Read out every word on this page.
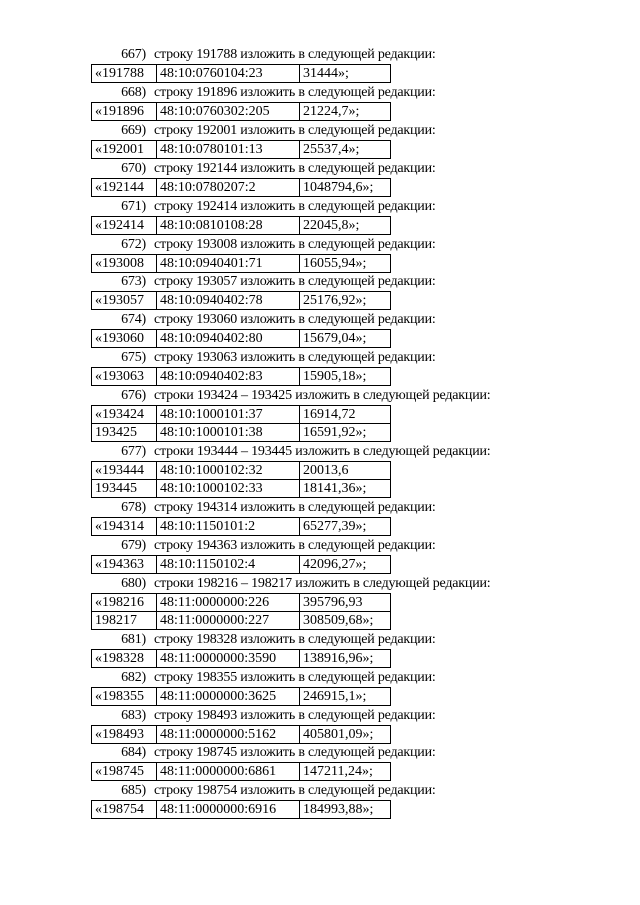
667) строку 191788 изложить в следующей редакции:
«191788	48:10:0760104:23	31444»;
668) строку 191896 изложить в следующей редакции:
«191896	48:10:0760302:205	21224,7»;
669) строку 192001 изложить в следующей редакции:
«192001	48:10:0780101:13	25537,4»;
670) строку 192144 изложить в следующей редакции:
«192144	48:10:0780207:2	1048794,6»;
671) строку 192414 изложить в следующей редакции:
«192414	48:10:0810108:28	22045,8»;
672) строку 193008 изложить в следующей редакции:
«193008	48:10:0940401:71	16055,94»;
673) строку 193057 изложить в следующей редакции:
«193057	48:10:0940402:78	25176,92»;
674) строку 193060 изложить в следующей редакции:
«193060	48:10:0940402:80	15679,04»;
675) строку 193063 изложить в следующей редакции:
«193063	48:10:0940402:83	15905,18»;
676) строки 193424 – 193425 изложить в следующей редакции:
«193424	48:10:1000101:37	16914,72
193425	48:10:1000101:38	16591,92»;
677) строки 193444 – 193445 изложить в следующей редакции:
«193444	48:10:1000102:32	20013,6
193445	48:10:1000102:33	18141,36»;
678) строку 194314 изложить в следующей редакции:
«194314	48:10:1150101:2	65277,39»;
679) строку 194363 изложить в следующей редакции:
«194363	48:10:1150102:4	42096,27»;
680) строки 198216 – 198217 изложить в следующей редакции:
«198216	48:11:0000000:226	395796,93
198217	48:11:0000000:227	308509,68»;
681) строку 198328 изложить в следующей редакции:
«198328	48:11:0000000:3590	138916,96»;
682) строку 198355 изложить в следующей редакции:
«198355	48:11:0000000:3625	246915,1»;
683) строку 198493 изложить в следующей редакции:
«198493	48:11:0000000:5162	405801,09»;
684) строку 198745 изложить в следующей редакции:
«198745	48:11:0000000:6861	147211,24»;
685) строку 198754 изложить в следующей редакции:
«198754	48:11:0000000:6916	184993,88»;
